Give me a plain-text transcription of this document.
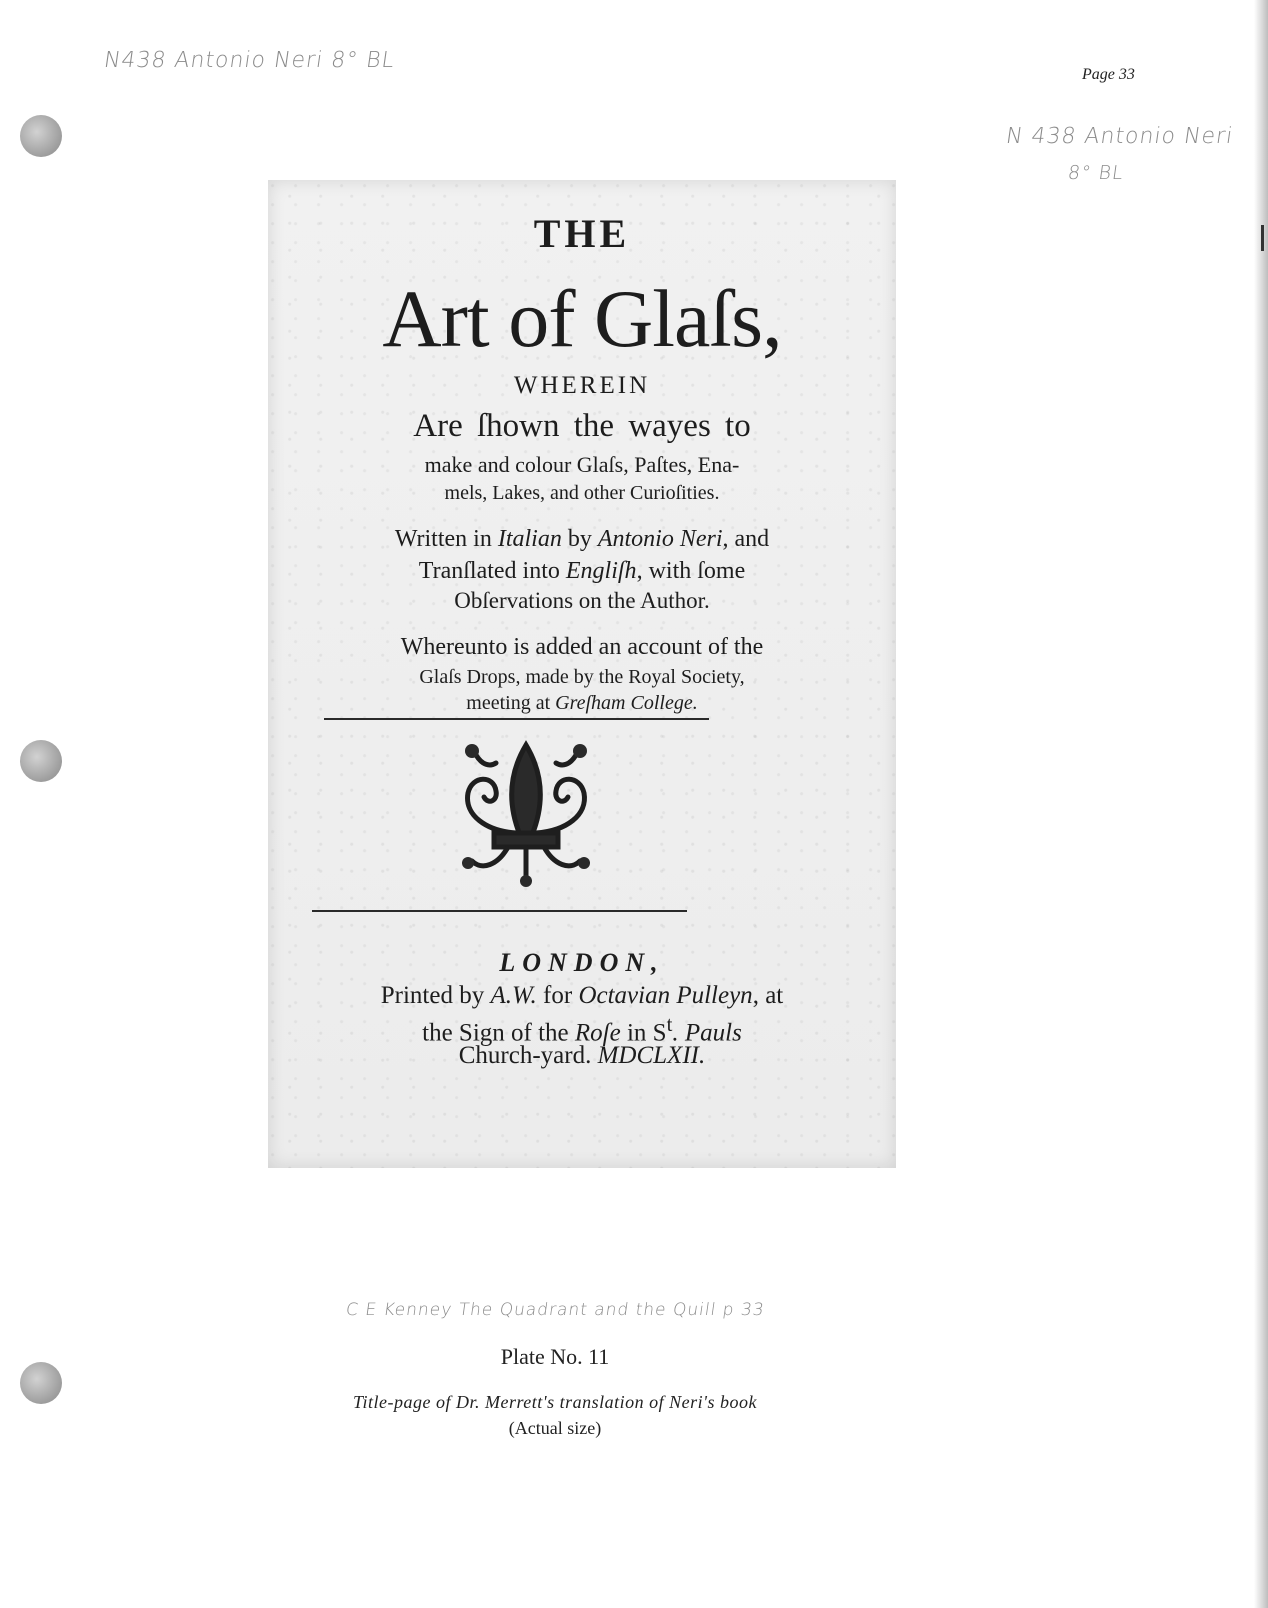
N438 Antonio Neri 8° BL
N 438 Antonio Neri
8° BL
Page 33
THE
Art of Glaſs,
WHEREIN
Are ſhown the wayes to
make and colour Glaſs, Paſtes, Ena-
mels, Lakes, and other Curioſities.
Written in Italian by Antonio Neri, and
Tranſlated into Engliſh, with ſome
Obſervations on the Author.
Whereunto is added an account of the
Glaſs Drops, made by the Royal Society,
meeting at Greſham College.
LONDON,
Printed by A.W. for Octavian Pulleyn, at
the Sign of the Roſe in $S^t$. Pauls
Church-yard. MDCLXII.
C E Kenney The Quadrant and the Quill p 33
Plate No. 11
Title-page of Dr. Merrett's translation of Neri's book
(Actual size)
